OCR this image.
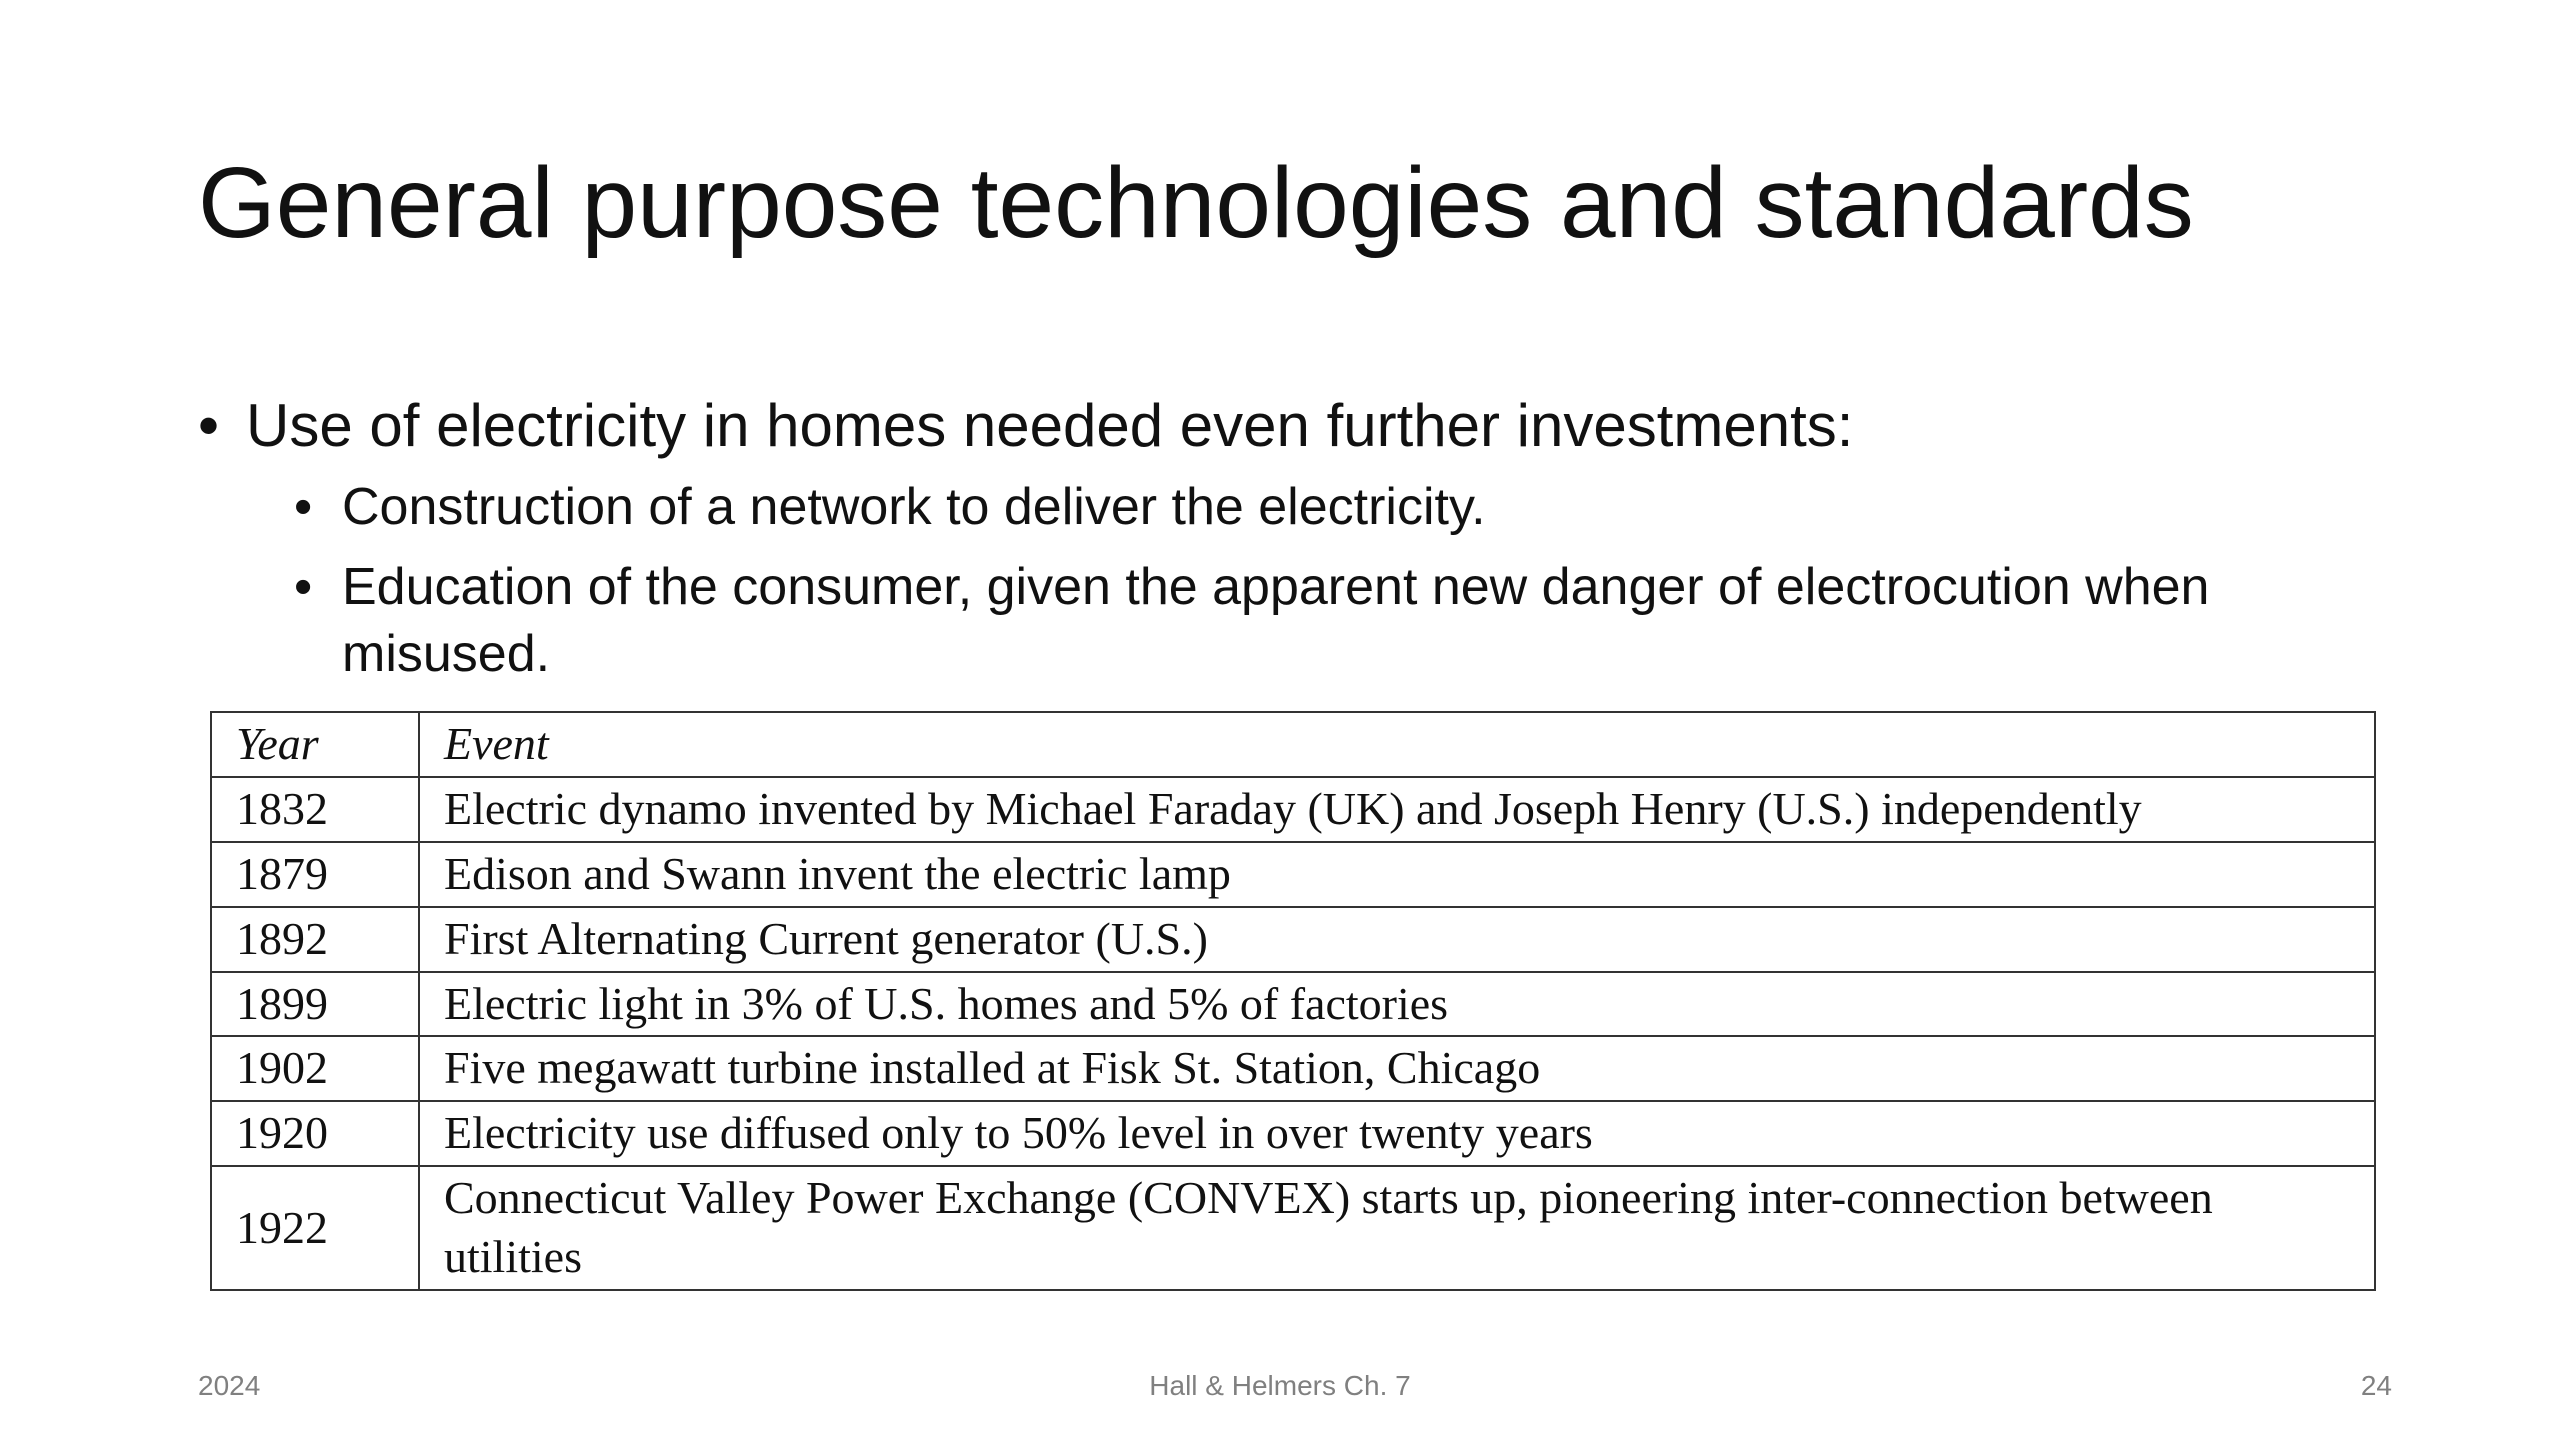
General purpose technologies and standards
• Use of electricity in homes needed even further investments:
• Construction of a network to deliver the electricity.
• Education of the consumer, given the apparent new danger of electrocution when misused.
Year	Event
1832	Electric dynamo invented by Michael Faraday (UK) and Joseph Henry (U.S.) independently
1879	Edison and Swann invent the electric lamp
1892	First Alternating Current generator (U.S.)
1899	Electric light in 3% of U.S. homes and 5% of factories
1902	Five megawatt turbine installed at Fisk St. Station, Chicago
1920	Electricity use diffused only to 50% level in over twenty years
1922	Connecticut Valley Power Exchange (CONVEX) starts up, pioneering inter-connection between utilities
2024	Hall & Helmers Ch. 7	24
